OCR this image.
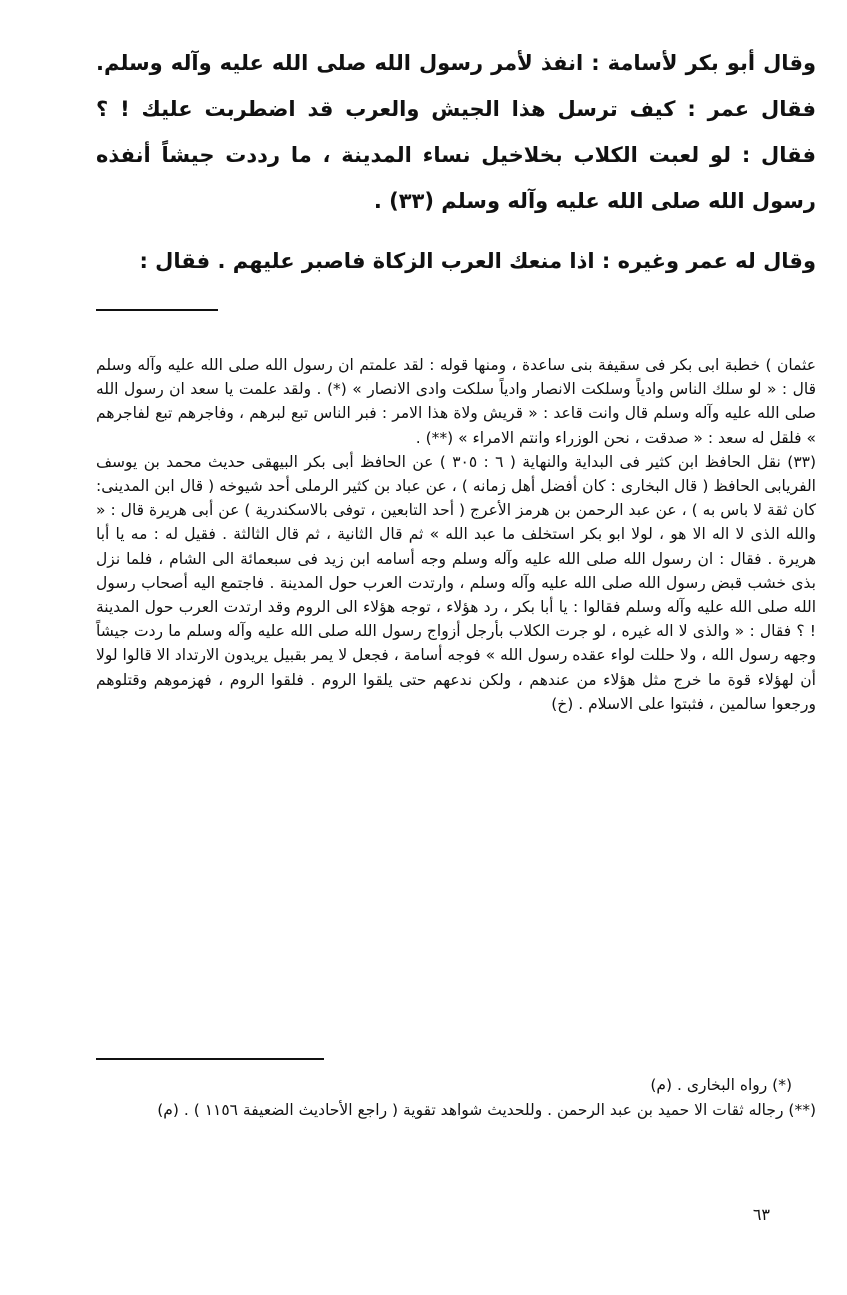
وقال أبو بكر لأسامة : انفذ لأمر رسول الله صلى الله عليه وآله وسلم. فقال عمر : كيف ترسل هذا الجيش والعرب قد اضطربت عليك ! ؟ فقال : لو لعبت الكلاب بخلاخيل نساء المدينة ، ما رددت جيشاً أنفذه رسول الله صلى الله عليه وآله وسلم (٣٣) .

وقال له عمر وغيره : اذا منعك العرب الزكاة فاصبر عليهم . فقال :

عثمان ) خطبة ابى بكر فى سقيفة بنى ساعدة ، ومنها قوله : لقد علمتم ان رسول الله صلى الله عليه وآله وسلم قال : « لو سلك الناس وادياً وسلكت الانصار وادياً سلكت وادى الانصار » (*) . ولقد علمت يا سعد ان رسول الله صلى الله عليه وآله وسلم قال وانت قاعد : « قريش ولاة هذا الامر : فبر الناس تبع لبرهم ، وفاجرهم تبع لفاجرهم » فلقل له سعد : « صدقت ، نحن الوزراء وانتم الامراء » (**) .

(٣٣) نقل الحافظ ابن كثير فى البداية والنهاية ( ٦ : ٣٠٥ ) عن الحافظ أبى بكر البيهقى حديث محمد بن يوسف الفريابى الحافظ ( قال البخارى : كان أفضل أهل زمانه ) ، عن عباد بن كثير الرملى أحد شيوخه ( قال ابن المدينى: كان ثقة لا باس به ) ، عن عبد الرحمن بن هرمز الأعرج ( أحد التابعين ، توفى بالاسكندرية ) عن أبى هريرة قال : « والله الذى لا اله الا هو ، لولا ابو بكر استخلف ما عبد الله » ثم قال الثانية ، ثم قال الثالثة . فقيل له : مه يا أبا هريرة . فقال : ان رسول الله صلى الله عليه وآله وسلم وجه أسامه ابن زيد فى سبعمائة الى الشام ، فلما نزل بذى خشب قبض رسول الله صلى الله عليه وآله وسلم ، وارتدت العرب حول المدينة . فاجتمع اليه أصحاب رسول الله صلى الله عليه وآله وسلم فقالوا : يا أبا بكر ، رد هؤلاء ، توجه هؤلاء الى الروم وقد ارتدت العرب حول المدينة ! ؟ فقال : « والذى لا اله غيره ، لو جرت الكلاب بأرجل أزواج رسول الله صلى الله عليه وآله وسلم ما ردت جيشاً وجهه رسول الله ، ولا حللت لواء عقده رسول الله » فوجه أسامة ، فجعل لا يمر بقبيل يريدون الارتداد الا قالوا لولا أن لهؤلاء قوة ما خرج مثل هؤلاء من عندهم ، ولكن ندعهم حتى يلقوا الروم . فلقوا الروم ، فهزموهم وقتلوهم ورجعوا سالمين ، فثبتوا على الاسلام . (خ)

(*) رواه البخارى . (م)

(**) رجاله ثقات الا حميد بن عبد الرحمن . وللحديث شواهد تقوية ( راجع الأحاديث الضعيفة ١١٥٦ ) . (م)

٦٣
